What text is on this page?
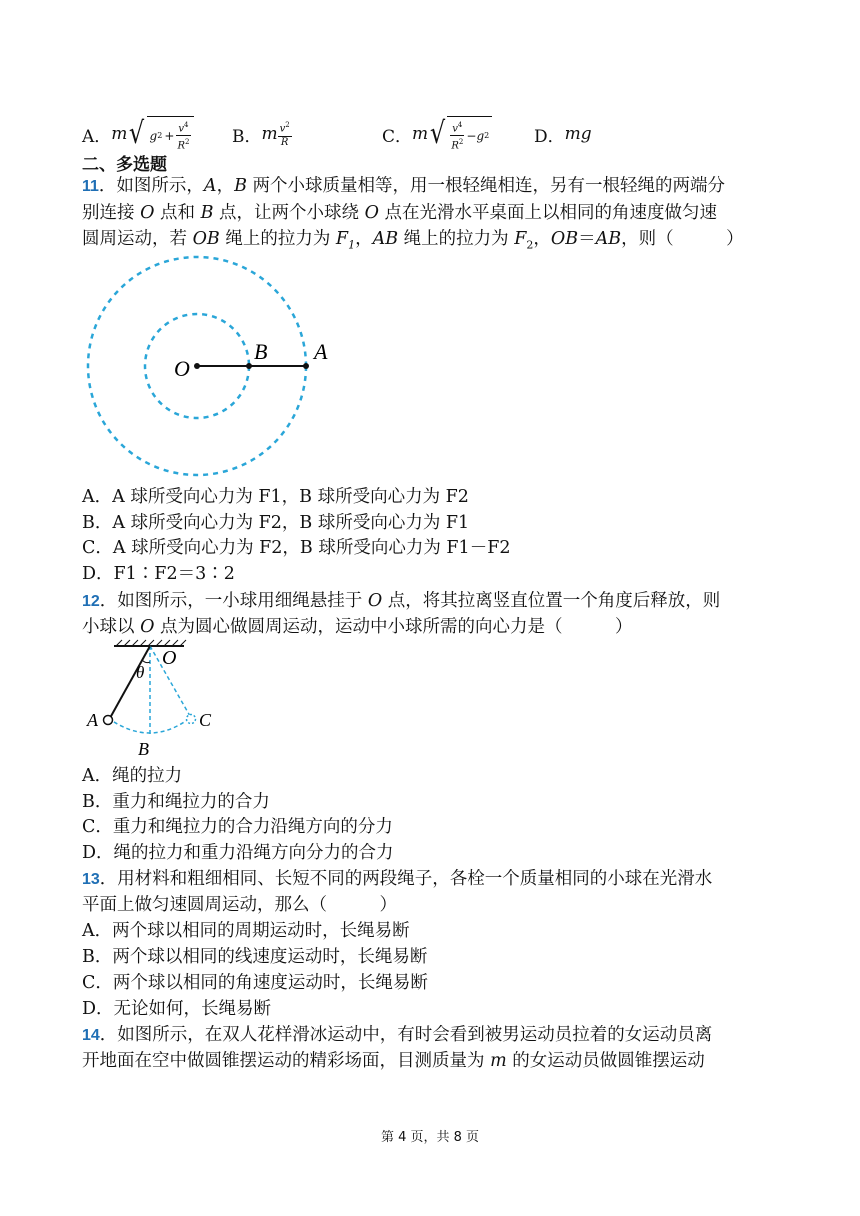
A． m √ g $2 + \frac{v^4}{R^2}$ B． m $\frac{v^2}{R}$	C． m √ $\frac{v^4}{R^2} -g$ 2	D． mg
二、多选题
11．如图所示，A，B 两个小球质量相等，用一根轻绳相连，另有一根轻绳的两端分
别连接 O 点和 B 点，让两个小球绕 O 点在光滑水平桌面上以相同的角速度做匀速
圆周运动，若 OB 绳上的拉力为 $F_1$，AB 绳上的拉力为 $F_2$，OB＝AB，则（　　　）
O
B A
A．A 球所受向心力为 F1，B 球所受向心力为 F2
B．A 球所受向心力为 F2，B 球所受向心力为 F1
C．A 球所受向心力为 F2，B 球所受向心力为 F1－F2
D．F1∶F2＝3∶2
12．如图所示，一小球用细绳悬挂于 O 点，将其拉离竖直位置一个角度后释放，则
小球以 O 点为圆心做圆周运动，运动中小球所需的向心力是（　　　）
O
θ
A	C
B
A．绳的拉力
B．重力和绳拉力的合力
C．重力和绳拉力的合力沿绳方向的分力
D．绳的拉力和重力沿绳方向分力的合力
13．用材料和粗细相同、长短不同的两段绳子，各栓一个质量相同的小球在光滑水
平面上做匀速圆周运动，那么（　　　）
A．两个球以相同的周期运动时，长绳易断
B．两个球以相同的线速度运动时，长绳易断
C．两个球以相同的角速度运动时，长绳易断
D．无论如何，长绳易断
14．如图所示，在双人花样滑冰运动中，有时会看到被男运动员拉着的女运动员离
开地面在空中做圆锥摆运动的精彩场面，目测质量为 m 的女运动员做圆锥摆运动
第 4 页，共 8 页
